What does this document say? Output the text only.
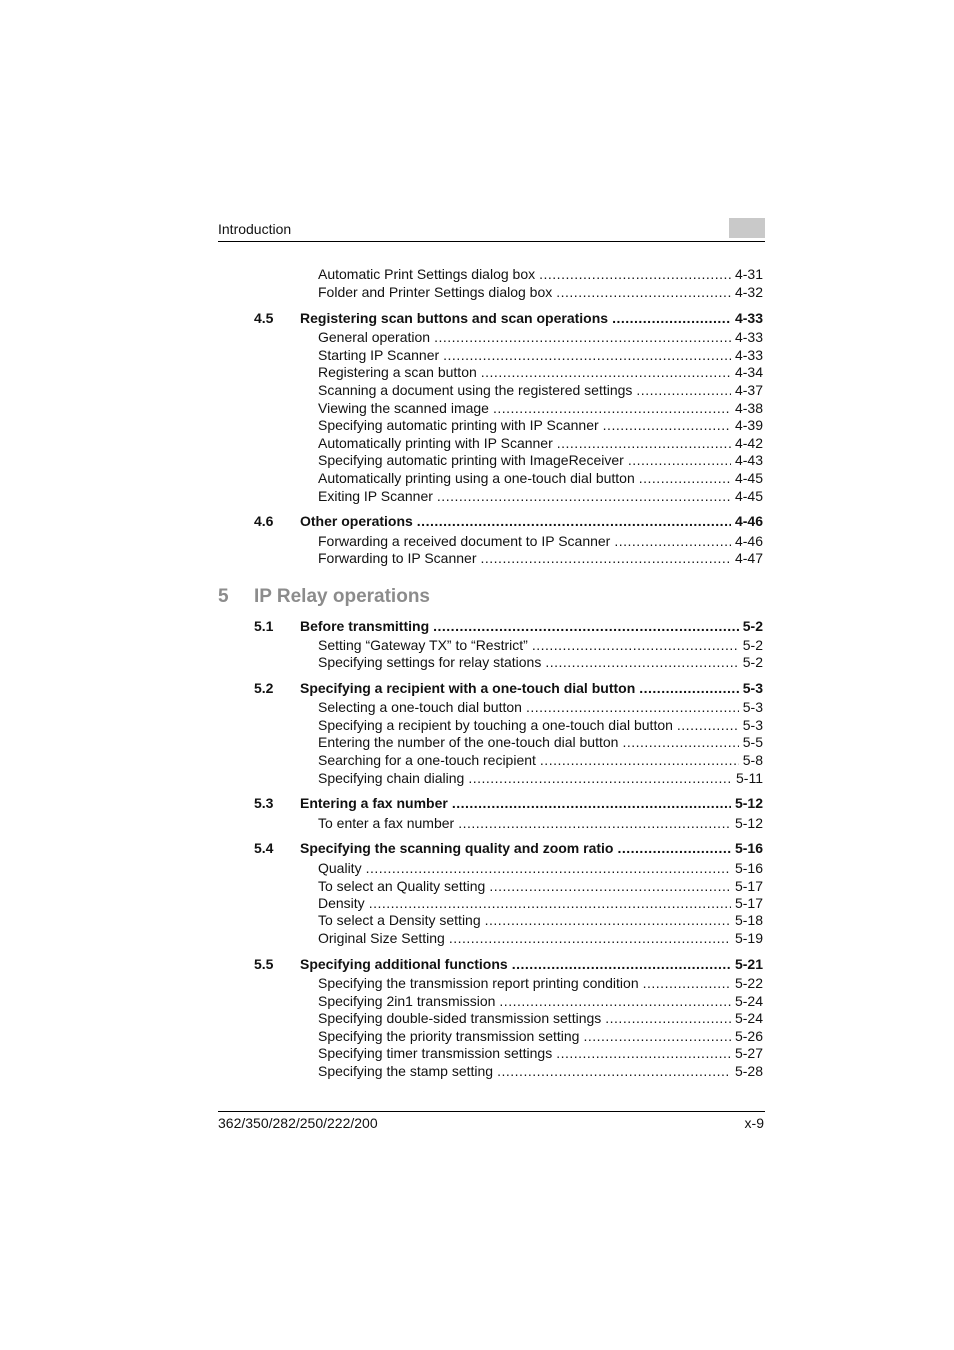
Introduction
5 IP Relay operations
Automatic Print Settings dialog box .....	4-31
Folder and Printer Settings dialog box .....	4-32
4.5 Registering scan buttons and scan operations .....	4-33
General operation .....	4-33
Starting IP Scanner .....	4-33
Registering a scan button .....	4-34
Scanning a document using the registered settings .....	4-37
Viewing the scanned image .....	4-38
Specifying automatic printing with IP Scanner .....	4-39
Automatically printing with IP Scanner .....	4-42
Specifying automatic printing with ImageReceiver .....	4-43
Automatically printing using a one-touch dial button .....	4-45
Exiting IP Scanner .....	4-45
4.6 Other operations .....	4-46
Forwarding a received document to IP Scanner .....	4-46
Forwarding to IP Scanner .....	4-47
5.1 Before transmitting .....	5-2
Setting “Gateway TX” to “Restrict” .....	5-2
Specifying settings for relay stations .....	5-2
5.2 Specifying a recipient with a one-touch dial button .....	5-3
Selecting a one-touch dial button .....	5-3
Specifying a recipient by touching a one-touch dial button .....	5-3
Entering the number of the one-touch dial button .....	5-5
Searching for a one-touch recipient .....	5-8
Specifying chain dialing .....	5-11
5.3 Entering a fax number .....	5-12
To enter a fax number .....	5-12
5.4 Specifying the scanning quality and zoom ratio .....	5-16
Quality .....	5-16
To select an Quality setting .....	5-17
Density .....	5-17
To select a Density setting .....	5-18
Original Size Setting .....	5-19
5.5 Specifying additional functions .....	5-21
Specifying the transmission report printing condition .....	5-22
Specifying 2in1 transmission .....	5-24
Specifying double-sided transmission settings .....	5-24
Specifying the priority transmission setting .....	5-26
Specifying timer transmission settings .....	5-27
Specifying the stamp setting .....	5-28
362/350/282/250/222/200	x-9
